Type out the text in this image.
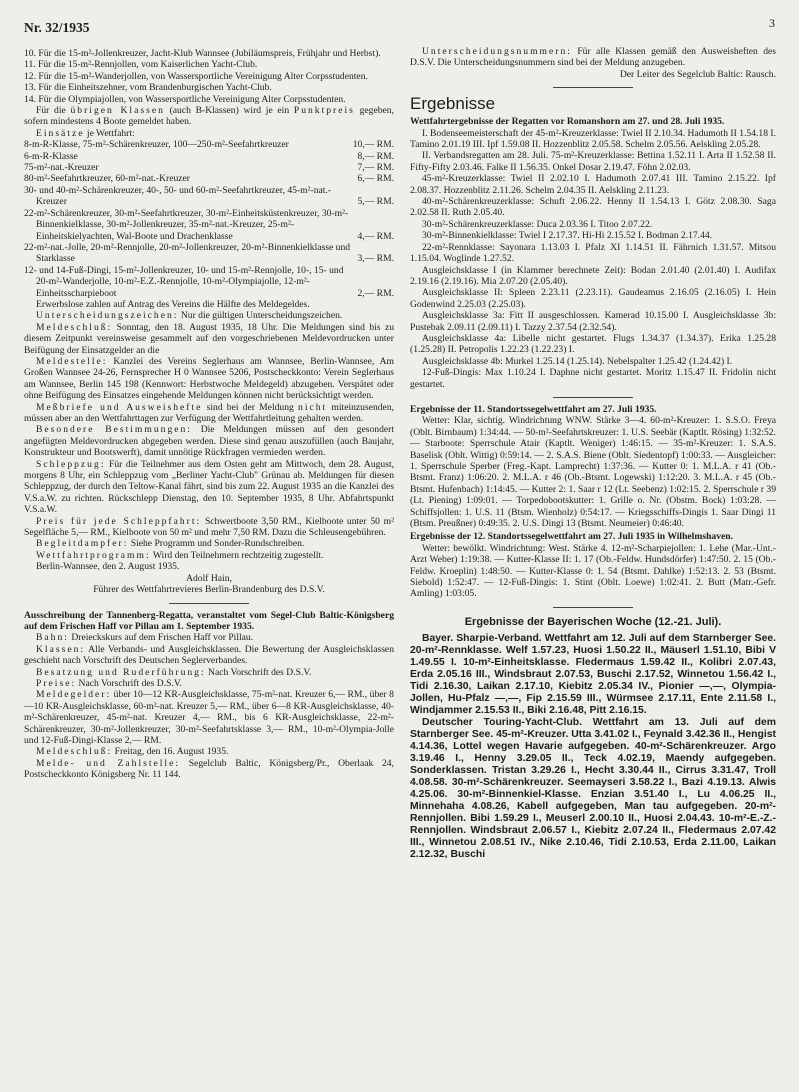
Nr. 32/1935	3

10. Für die 15-m²-Jollenkreuzer, Jacht-Klub Wannsee (Jubiläumspreis, Frühjahr und Herbst).

11. Für die 15-m²-Rennjollen, vom Kaiserlichen Yacht-Club.

12. Für die 15-m²-Wanderjollen, von Wassersportliche Vereinigung Alter Corpsstudenten.

13. Für die Einheitszehner, vom Brandenburgischen Yacht-Club.

14. Für die Olympiajollen, von Wassersportliche Vereinigung Alter Corpsstudenten.

Für die übrigen Klassen (auch B-Klassen) wird je ein Punktpreis gegeben, sofern mindestens 4 Boote gemeldet haben.

Einsätze je Wettfahrt:

8-m-R-Klasse, 75-m²-Schärenkreuzer, 100—250-m²-Seefahrtkreuzer	10,— RM.
6-m-R-Klasse	8,— RM.
75-m²-nat.-Kreuzer	7,— RM.
80-m²-Seefahrtkreuzer, 60-m²-nat.-Kreuzer	6,— RM.
30- und 40-m²-Schärenkreuzer, 40-, 50- und 60-m²-Seefahrtkreuzer, 45-m²-nat.-Kreuzer	5,— RM.
22-m²-Schärenkreuzer, 30-m²-Seefahrtkreuzer, 30-m²-Einheitsküstenkreuzer, 30-m²-Binnenkielklasse, 30-m²-Jollenkreuzer, 35-m²-nat.-Kreuzer, 25-m²-Einheitskielyachten, Wal-Boote und Drachenklasse	4,— RM.
22-m²-nat.-Jolle, 20-m²-Rennjolle, 20-m²-Jollenkreuzer, 20-m²-Binnenkielklasse und Starklasse	3,— RM.
12- und 14-Fuß-Dingi, 15-m²-Jollenkreuzer, 10- und 15-m²-Rennjolle, 10-, 15- und 20-m²-Wanderjolle, 10-m²-E.Z.-Rennjolle, 10-m²-Olympiajolle, 12-m²-Einheitsscharpieboot	2,— RM.

Erwerbslose zahlen auf Antrag des Vereins die Hälfte des Meldegeldes.

Unterscheidungszeichen: Nur die gültigen Unterscheidungszeichen.

Meldeschluß: Sonntag, den 18. August 1935, 18 Uhr. Die Meldungen sind bis zu diesem Zeitpunkt vereinsweise gesammelt auf den vorgeschriebenen Meldevordrucken unter Beifügung der Einsatzgelder an die

Meldestelle: Kanzlei des Vereins Seglerhaus am Wannsee, Berlin-Wannsee, Am Großen Wannsee 24-26, Fernsprecher H 0 Wannsee 5206, Postscheckkonto: Verein Seglerhaus am Wannsee, Berlin 145 198 (Kennwort: Herbstwoche Meldegeld) abzugeben. Verspätet oder ohne Beifügung des Einsatzes eingehende Meldungen können nicht berücksichtigt werden.

Meßbriefe und Ausweishefte sind bei der Meldung nicht miteinzusenden, müssen aber an den Wettfahrttagen zur Verfügung der Wettfahrtleitung gehalten werden.

Besondere Bestimmungen: Die Meldungen müssen auf den gesondert angefügten Meldevordrucken abgegeben werden. Diese sind genau auszufüllen (auch Baujahr, Konstrukteur und Bootswerft), damit unnötige Rückfragen vermieden werden.

Schleppzug: Für die Teilnehmer aus dem Osten geht am Mittwoch, dem 28. August, morgens 8 Uhr, ein Schleppzug vom „Berliner Yacht-Club" Grünau ab. Meldungen für diesen Schleppzug, der durch den Teltow-Kanal fährt, sind bis zum 22. August 1935 an die Kanzlei des V.S.a.W. zu richten. Rückschlepp Dienstag, den 10. September 1935, 8 Uhr. Abfahrtspunkt V.S.a.W.

Preis für jede Schleppfahrt: Schwertboote 3,50 RM., Kielboote unter 50 m² Segelfläche 5,— RM., Kielboote von 50 m² und mehr 7,50 RM. Dazu die Schleusengebühren.

Begleitdampfer: Siehe Programm und Sonder-Rundschreiben.

Wettfahrtprogramm: Wird den Teilnehmern rechtzeitig zugestellt.

Berlin-Wannsee, den 2. August 1935.

Adolf Hain,

Führer des Wettfahrtrevieres Berlin-Brandenburg des D.S.V.

Ausschreibung der Tannenberg-Regatta, veranstaltet vom Segel-Club Baltic-Königsberg auf dem Frischen Haff vor Pillau am 1. September 1935.

Bahn: Dreieckskurs auf dem Frischen Haff vor Pillau.

Klassen: Alle Verbands- und Ausgleichsklassen. Die Bewertung der Ausgleichsklassen geschieht nach Vorschrift des Deutschen Seglerverbandes.

Besatzung und Ruderführung: Nach Vorschrift des D.S.V.

Preise: Nach Vorschrift des D.S.V.

Meldegelder: über 10—12 KR-Ausgleichsklasse, 75-m²-nat. Kreuzer 6,— RM., über 8—10 KR-Ausgleichsklasse, 60-m²-nat. Kreuzer 5,— RM., über 6—8 KR-Ausgleichsklasse, 40-m²-Schärenkreuzer, 45-m²-nat. Kreuzer 4,— RM., bis 6 KR-Ausgleichsklasse, 22-m²-Schärenkreuzer, 30-m²-Jollenkreuzer, 30-m²-Seefahrtsklasse 3,— RM., 10-m²-Olympia-Jolle und 12-Fuß-Dingi-Klasse 2,— RM.

Meldeschluß: Freitag, den 16. August 1935.

Melde- und Zahlstelle: Segelclub Baltic, Königsberg/Pr., Oberlaak 24, Postscheckkonto Königsberg Nr. 11 144.

Unterscheidungsnummern: Für alle Klassen gemäß den Ausweisheften des D.S.V. Die Unterscheidungsnummern sind bei der Meldung anzugeben.

Der Leiter des Segelclub Baltic: Rausch.

Ergebnisse

Wettfahrtergebnisse der Regatten vor Romanshorn am 27. und 28. Juli 1935.

I. Bodenseemeisterschaft der 45-m²-Kreuzerklasse: Twiel II 2.10.34. Hadumoth II 1.54.18 I. Tamino 2.01.19 III. Ipf 1.59.08 II. Hozzenblitz 2.05.58. Schelm 2.05.56. Aelskling 2.05.28.

II. Verbandsregatten am 28. Juli. 75-m²-Kreuzerklasse: Bettina 1.52.11 I. Arta II 1.52.58 II. Fifty-Fifty 2.03.46. Falke II 1.56.35. Onkel Dosar 2.19.47. Föhn 2.02.03.

45-m²-Kreuzerklasse: Twiel II 2.02.10 I. Hadumoth 2.07.41 III. Tamino 2.15.22. Ipf 2.08.37. Hozzenblitz 2.11.26. Schelm 2.04.35 II. Aelskling 2.11.23.

40-m²-Schärenkreuzerklasse: Schuft 2.06.22. Henny II 1.54.13 I. Götz 2.08.30. Saga 2.02.58 II. Ruth 2.05.40.

30-m²-Schärenkreuzerklasse: Duca 2.03.36 I. Titoo 2.07.22.

30-m²-Binnenkielklasse: Twiel I 2.17.37. Hi-Hi 2.15.52 I. Bodman 2.17.44.

22-m²-Rennklasse: Sayonara 1.13.03 I. Pfalz XI 1.14.51 II. Fährnich 1.31.57. Mitsou 1.15.04. Woglinde 1.27.52.

Ausgleichsklasse I (in Klammer berechnete Zeit): Bodan 2.01.40 (2.01.40) I. Audifax 2.19.16 (2.19.16). Mia 2.07.20 (2.05.40).

Ausgleichsklasse II: Spleen 2.23.11 (2.23.11). Gaudeamus 2.16.05 (2.16.05) I. Hein Godenwind 2.25.03 (2.25.03).

Ausgleichsklasse 3a: Fitt II ausgeschlossen. Kamerad 10.15.00 I. Ausgleichsklasse 3b: Pustebak 2.09.11 (2.09.11) I. Tazzy 2.37.54 (2.32.54).

Ausgleichsklasse 4a: Libelle nicht gestartet. Flugs 1.34.37 (1.34.37). Erika 1.25.28 (1.25.28) II. Petropolis 1.22.23 (1.22.23) I.

Ausgleichsklasse 4b: Murkel 1.25.14 (1.25.14). Nebelspalter 1.25.42 (1.24.42) I.

12-Fuß-Dingis: Max 1.10.24 I. Daphne nicht gestartet. Moritz 1.15.47 II. Fridolin nicht gestartet.

Ergebnisse der 11. Standortssegelwettfahrt am 27. Juli 1935.

Wetter: Klar, sichtig. Windrichtung WNW. Stärke 3—4. 60-m²-Kreuzer: 1. S.S.O. Freya (Oblt. Birnbaum) 1:34:44. — 50-m²-Seefahrtskreuzer: 1. U.S. Seebär (Kaptlt. Rösing) 1:32:52. — Starboote: Sperrschule Atair (Kaptlt. Weniger) 1:46:15. — 35-m²-Kreuzer: 1. S.A.S. Baselisk (Oblt. Wittig) 0:59:14. — 2. S.A.S. Biene (Oblt. Siedentopf) 1:00:33. — Ausgleicher: 1. Sperrschule Sperber (Freg.-Kapt. Lamprecht) 1:37:36. — Kutter 0: 1. M.L.A. r 41 (Ob.-Btsmt. Franz) 1:06:20. 2. M.L.A. r 46 (Ob.-Btsmt. Logewski) 1:12:20. 3. M.L.A. r 45 (Ob.-Btsmt. Hufenbach) 1:14:45. — Kutter 2: 1. Saar r 12 (Lt. Seebenz) 1:02:15. 2. Sperrschule r 39 (Lt. Piening) 1:09:01. — Torpedobootskutter: 1. Grille o. Nr. (Obstm. Bock) 1:03:28. — Schiffsjollen: 1. U.S. 11 (Btsm. Wienholz) 0:54:17. — Kriegsschiffs-Dingis 1. Saar Dingi 11 (Btsm. Preußner) 0:49:35. 2. U.S. Dingi 13 (Btsmt. Neumeier) 0:46:40.

Ergebnisse der 12. Standortssegelwettfahrt am 27. Juli 1935 in Wilhelmshaven.

Wetter: bewölkt. Windrichtung: West. Stärke 4. 12-m²-Scharpiejollen: 1. Lehe (Mar.-Unt.-Arzt Weber) 1:19:38. — Kutter-Klasse II: 1. 17 (Ob.-Feldw. Hundsdörfer) 1:47:50. 2. 15 (Ob.-Feldw. Kroeplin) 1:48:50. — Kutter-Klasse 0: 1. 54 (Btsmt. Dahlke) 1:52:13. 2. 53 (Btsmt. Siebold) 1:52:47. — 12-Fuß-Dingis: 1. Stint (Oblt. Loewe) 1:02:41. 2. Butt (Matr.-Gefr. Amling) 1:03:05.

Ergebnisse der Bayerischen Woche (12.-21. Juli).

Bayer. Sharpie-Verband. Wettfahrt am 12. Juli auf dem Starnberger See. 20-m²-Rennklasse. Welf 1.57.23, Huosi 1.50.22 II., Mäuserl 1.51.10, Bibi V 1.49.55 I. 10-m²-Einheitsklasse. Fledermaus 1.59.42 II., Kolibri 2.07.43, Erda 2.05.16 III., Windsbraut 2.07.53, Buschi 2.17.52, Winnetou 1.56.42 I., Tidi 2.16.30, Laikan 2.17.10, Kiebitz 2.05.34 IV., Pionier —,—, Olympia-Jollen, Hu-Pfalz —,—, Fip 2.15.59 III., Würmsee 2.17.11, Ente 2.11.58 I., Windjammer 2.15.53 II., Biki 2.16.48, Pitt 2.16.15.

Deutscher Touring-Yacht-Club. Wettfahrt am 13. Juli auf dem Starnberger See. 45-m²-Kreuzer. Utta 3.41.02 I., Feynald 3.42.36 II., Hengist 4.14.36, Lottel wegen Havarie aufgegeben. 40-m²-Schärenkreuzer. Argo 3.19.46 I., Henny 3.29.05 II., Teck 4.02.19, Maendy aufgegeben. Sonderklassen. Tristan 3.29.26 I., Hecht 3.30.44 II., Cirrus 3.31.47, Troll 4.08.58. 30-m²-Schärenkreuzer. Seemayseri 3.58.22 I., Bazi 4.19.13. Alwis 4.25.06. 30-m²-Binnenkiel-Klasse. Enzian 3.51.40 I., Lu 4.06.25 II., Minnehaha 4.08.26, Kabell aufgegeben, Man tau aufgegeben. 20-m²-Rennjollen. Bibi 1.59.29 I., Meuserl 2.00.10 II., Huosi 2.04.43. 10-m²-E.-Z.-Rennjollen. Windsbraut 2.06.57 I., Kiebitz 2.07.24 II., Fledermaus 2.07.42 III., Winnetou 2.08.51 IV., Nike 2.10.46, Tidi 2.10.53, Erda 2.11.00, Laikan 2.12.32, Buschi
